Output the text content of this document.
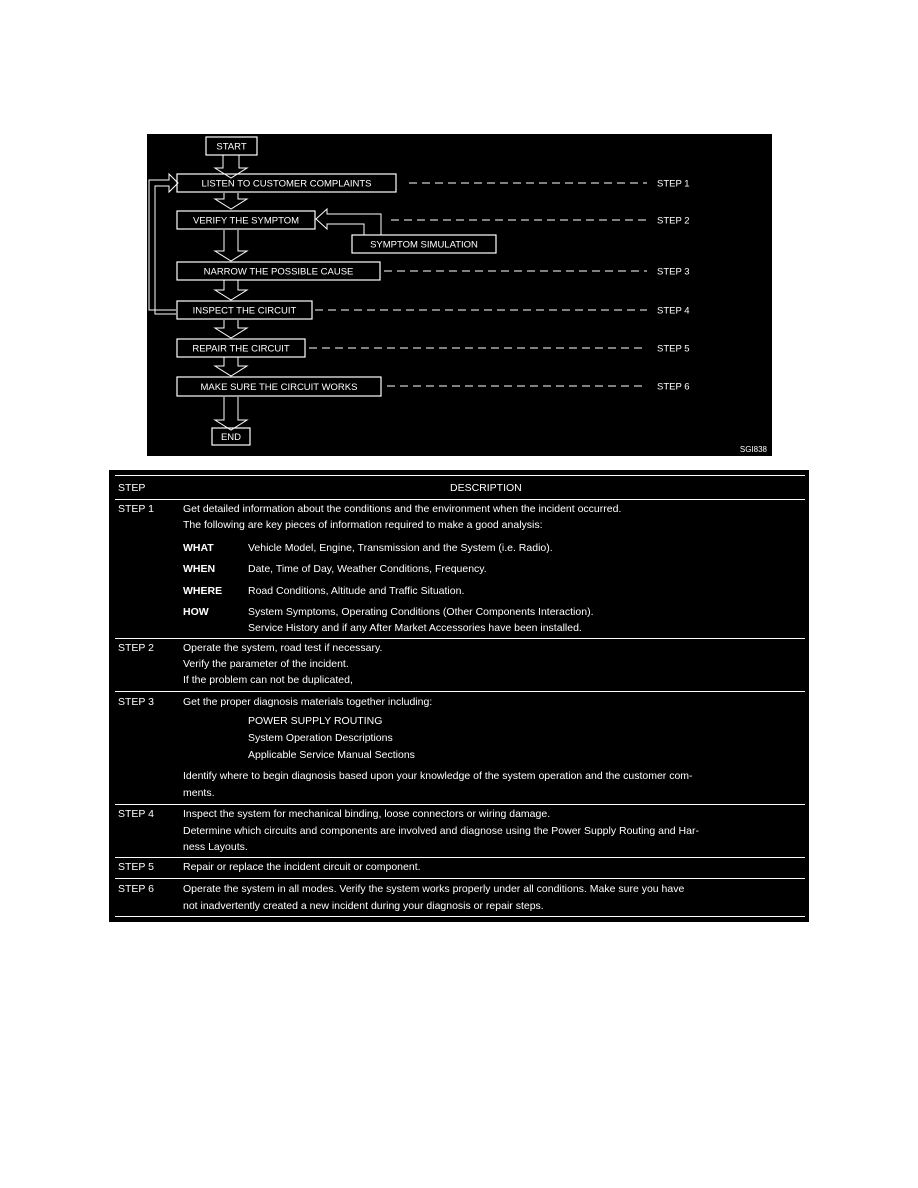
START
LISTEN TO CUSTOMER COMPLAINTS
VERIFY THE SYMPTOM
SYMPTOM SIMULATION
NARROW THE POSSIBLE CAUSE
INSPECT THE CIRCUIT
REPAIR THE CIRCUIT
MAKE SURE THE CIRCUIT WORKS
END
STEP 1
STEP 2
STEP 3
STEP 4
STEP 5
STEP 6
SGI838
STEP	DESCRIPTION
STEP 1	Get detailed information about the conditions and the environment when the incident occurred.
The following are key pieces of information required to make a good analysis:
WHAT	Vehicle Model, Engine, Transmission and the System (i.e. Radio).
WHEN	Date, Time of Day, Weather Conditions, Frequency.
WHERE Road Conditions, Altitude and Traffic Situation.
HOW	System Symptoms, Operating Conditions (Other Components Interaction).
Service History and if any After Market Accessories have been installed.
STEP 2	Operate the system, road test if necessary.
Verify the parameter of the incident.
If the problem can not be duplicated,
STEP 3	Get the proper diagnosis materials together including:
POWER SUPPLY ROUTING
System Operation Descriptions
Applicable Service Manual Sections
Identify where to begin diagnosis based upon your knowledge of the system operation and the customer com-
ments.
STEP 4	Inspect the system for mechanical binding, loose connectors or wiring damage.
Determine which circuits and components are involved and diagnose using the Power Supply Routing and Har-
ness Layouts.
STEP 5	Repair or replace the incident circuit or component.
STEP 6	Operate the system in all modes. Verify the system works properly under all conditions. Make sure you have
not inadvertently created a new incident during your diagnosis or repair steps.
